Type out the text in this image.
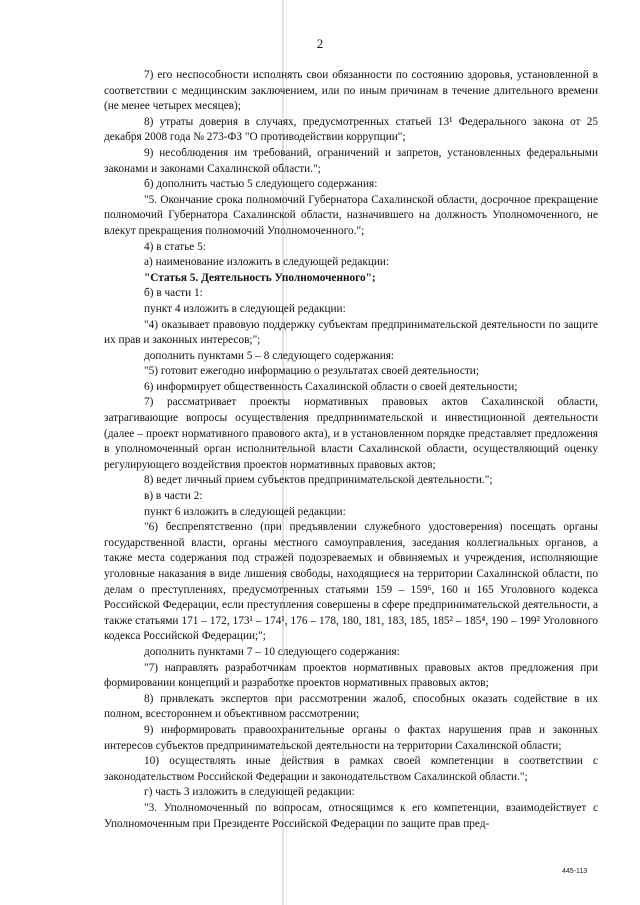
2

7) его неспособности исполнять свои обязанности по состоянию здоровья, установленной в соответствии с медицинским заключением, или по иным причинам в течение длительного времени (не менее четырех месяцев);

8) утраты доверия в случаях, предусмотренных статьей 13¹ Федерального закона от 25 декабря 2008 года № 273-ФЗ "О противодействии коррупции";

9) несоблюдения им требований, ограничений и запретов, установленных федеральными законами и законами Сахалинской области.";

б) дополнить частью 5 следующего содержания:

"5. Окончание срока полномочий Губернатора Сахалинской области, досрочное прекращение полномочий Губернатора Сахалинской области, назначившего на должность Уполномоченного, не влекут прекращения полномочий Уполномоченного.";

4) в статье 5:

а) наименование изложить в следующей редакции:

"Статья 5. Деятельность Уполномоченного";

б) в части 1:

пункт 4 изложить в следующей редакции:

"4) оказывает правовую поддержку субъектам предпринимательской деятельности по защите их прав и законных интересов;";

дополнить пунктами 5 – 8 следующего содержания:

"5) готовит ежегодно информацию о результатах своей деятельности;

6) информирует общественность Сахалинской области о своей деятельности;

7) рассматривает проекты нормативных правовых актов Сахалинской области, затрагивающие вопросы осуществления предпринимательской и инвестиционной деятельности (далее – проект нормативного правового акта), и в установленном порядке представляет предложения в уполномоченный орган исполнительной власти Сахалинской области, осуществляющий оценку регулирующего воздействия проектов нормативных правовых актов;

8) ведет личный прием субъектов предпринимательской деятельности.";

в) в части 2:

пункт 6 изложить в следующей редакции:

"6) беспрепятственно (при предъявлении служебного удостоверения) посещать органы государственной власти, органы местного самоуправления, заседания коллегиальных органов, а также места содержания под стражей подозреваемых и обвиняемых и учреждения, исполняющие уголовные наказания в виде лишения свободы, находящиеся на территории Сахалинской области, по делам о преступлениях, предусмотренных статьями 159 – 159⁶, 160 и 165 Уголовного кодекса Российской Федерации, если преступления совершены в сфере предпринимательской деятельности, а также статьями 171 – 172, 173¹ – 174¹, 176 – 178, 180, 181, 183, 185, 185² – 185⁴, 190 – 199² Уголовного кодекса Российской Федерации;";

дополнить пунктами 7 – 10 следующего содержания:

"7) направлять разработчикам проектов нормативных правовых актов предложения при формировании концепций и разработке проектов нормативных правовых актов;

8) привлекать экспертов при рассмотрении жалоб, способных оказать содействие в их полном, всестороннем и объективном рассмотрении;

9) информировать правоохранительные органы о фактах нарушения прав и законных интересов субъектов предпринимательской деятельности на территории Сахалинской области;

10) осуществлять иные действия в рамках своей компетенции в соответствии с законодательством Российской Федерации и законодательством Сахалинской области.";

г) часть 3 изложить в следующей редакции:

"3. Уполномоченный по вопросам, относящимся к его компетенции, взаимодействует с Уполномоченным при Президенте Российской Федерации по защите прав пред-

445-113
